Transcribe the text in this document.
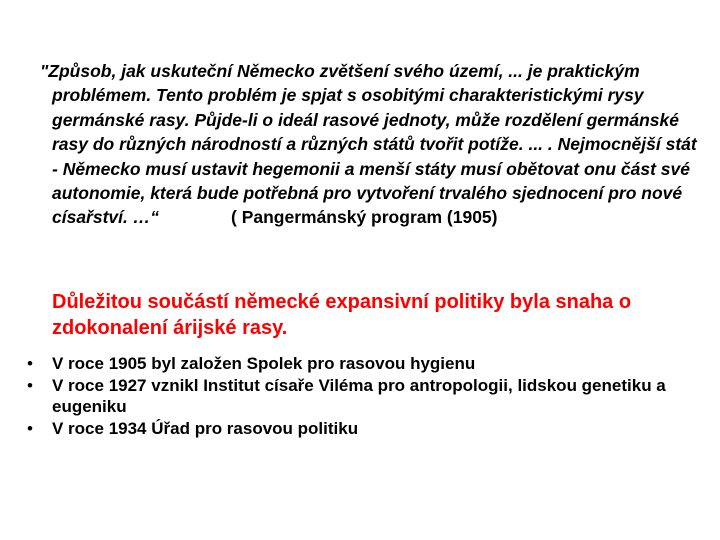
"Způsob, jak uskuteční Německo zvětšení svého území, ... je praktickým problémem. Tento problém je spjat s osobitými charakteristickými rysy germánské rasy. Půjde-li o ideál rasové jednoty, může rozdělení germánské rasy do různých národností a různých států tvořit potíže. ... . Nejmocnější stát - Německo musí ustavit hegemonii a menší státy musí obětovat onu část své autonomie, která bude potřebná pro vytvoření trvalého sjednocení pro nové císařství. …“	( Pangermánský program (1905)

Důležitou součástí německé expansivní politiky byla snaha o zdokonalení árijské rasy.

• V roce 1905 byl založen Spolek pro rasovou hygienu
• V roce 1927 vznikl Institut císaře Viléma pro antropologii, lidskou genetiku a eugeniku
• V roce 1934 Úřad pro rasovou politiku
